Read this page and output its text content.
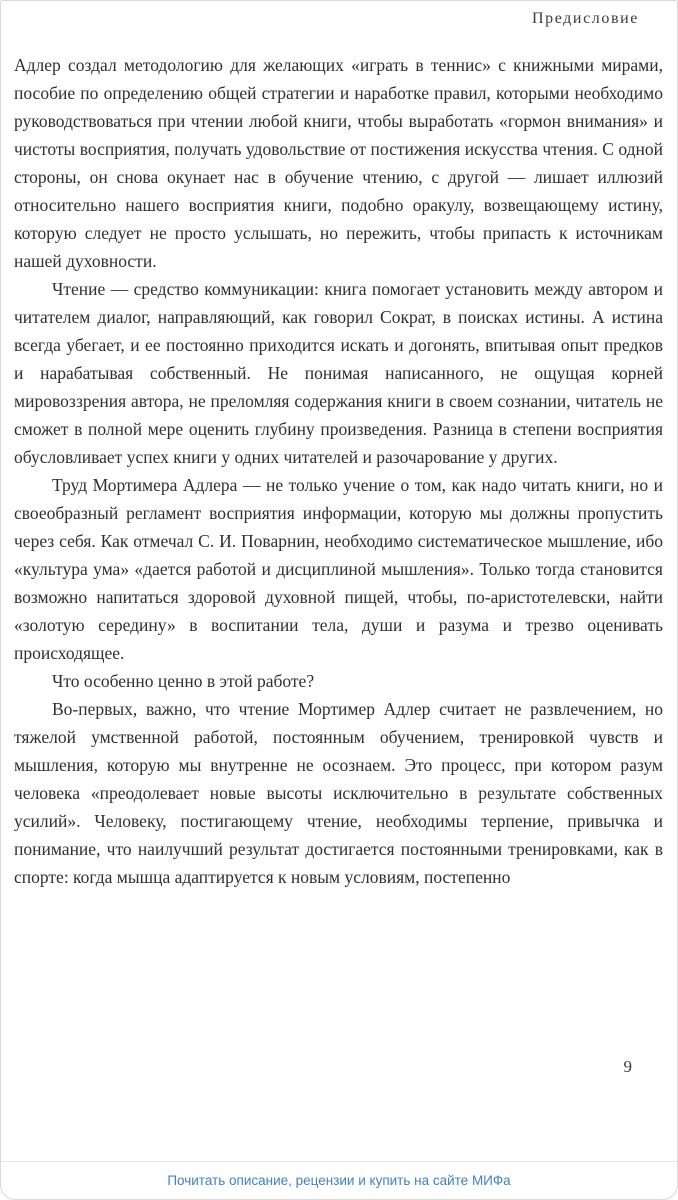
Предисловие

Адлер создал методологию для желающих «играть в теннис» с книжными мирами, пособие по определению общей стратегии и наработке правил, которыми необходимо руководствоваться при чтении любой книги, чтобы выработать «гормон внимания» и чистоты восприятия, получать удовольствие от постижения искусства чтения. С одной стороны, он снова окунает нас в обучение чтению, с другой — лишает иллюзий относительно нашего восприятия книги, подобно оракулу, возвещающему истину, которую следует не просто услышать, но пережить, чтобы припасть к источникам нашей духовности.

Чтение — средство коммуникации: книга помогает установить между автором и читателем диалог, направляющий, как говорил Сократ, в поисках истины. А истина всегда убегает, и ее постоянно приходится искать и догонять, впитывая опыт предков и нарабатывая собственный. Не понимая написанного, не ощущая корней мировоззрения автора, не преломляя содержания книги в своем сознании, читатель не сможет в полной мере оценить глубину произведения. Разница в степени восприятия обусловливает успех книги у одних читателей и разочарование у других.

Труд Мортимера Адлера — не только учение о том, как надо читать книги, но и своеобразный регламент восприятия информации, которую мы должны пропустить через себя. Как отмечал С. И. Поварнин, необходимо систематическое мышление, ибо «культура ума» «дается работой и дисциплиной мышления». Только тогда становится возможно напитаться здоровой духовной пищей, чтобы, по-аристотелевски, найти «золотую середину» в воспитании тела, души и разума и трезво оценивать происходящее.

Что особенно ценно в этой работе?

Во-первых, важно, что чтение Мортимер Адлер считает не развлечением, но тяжелой умственной работой, постоянным обучением, тренировкой чувств и мышления, которую мы внутренне не осознаем. Это процесс, при котором разум человека «преодолевает новые высоты исключительно в результате собственных усилий». Человеку, постигающему чтение, необходимы терпение, привычка и понимание, что наилучший результат достигается постоянными тренировками, как в спорте: когда мышца адаптируется к новым условиям, постепенно

9
Почитать описание, рецензии и купить на сайте МИФа
